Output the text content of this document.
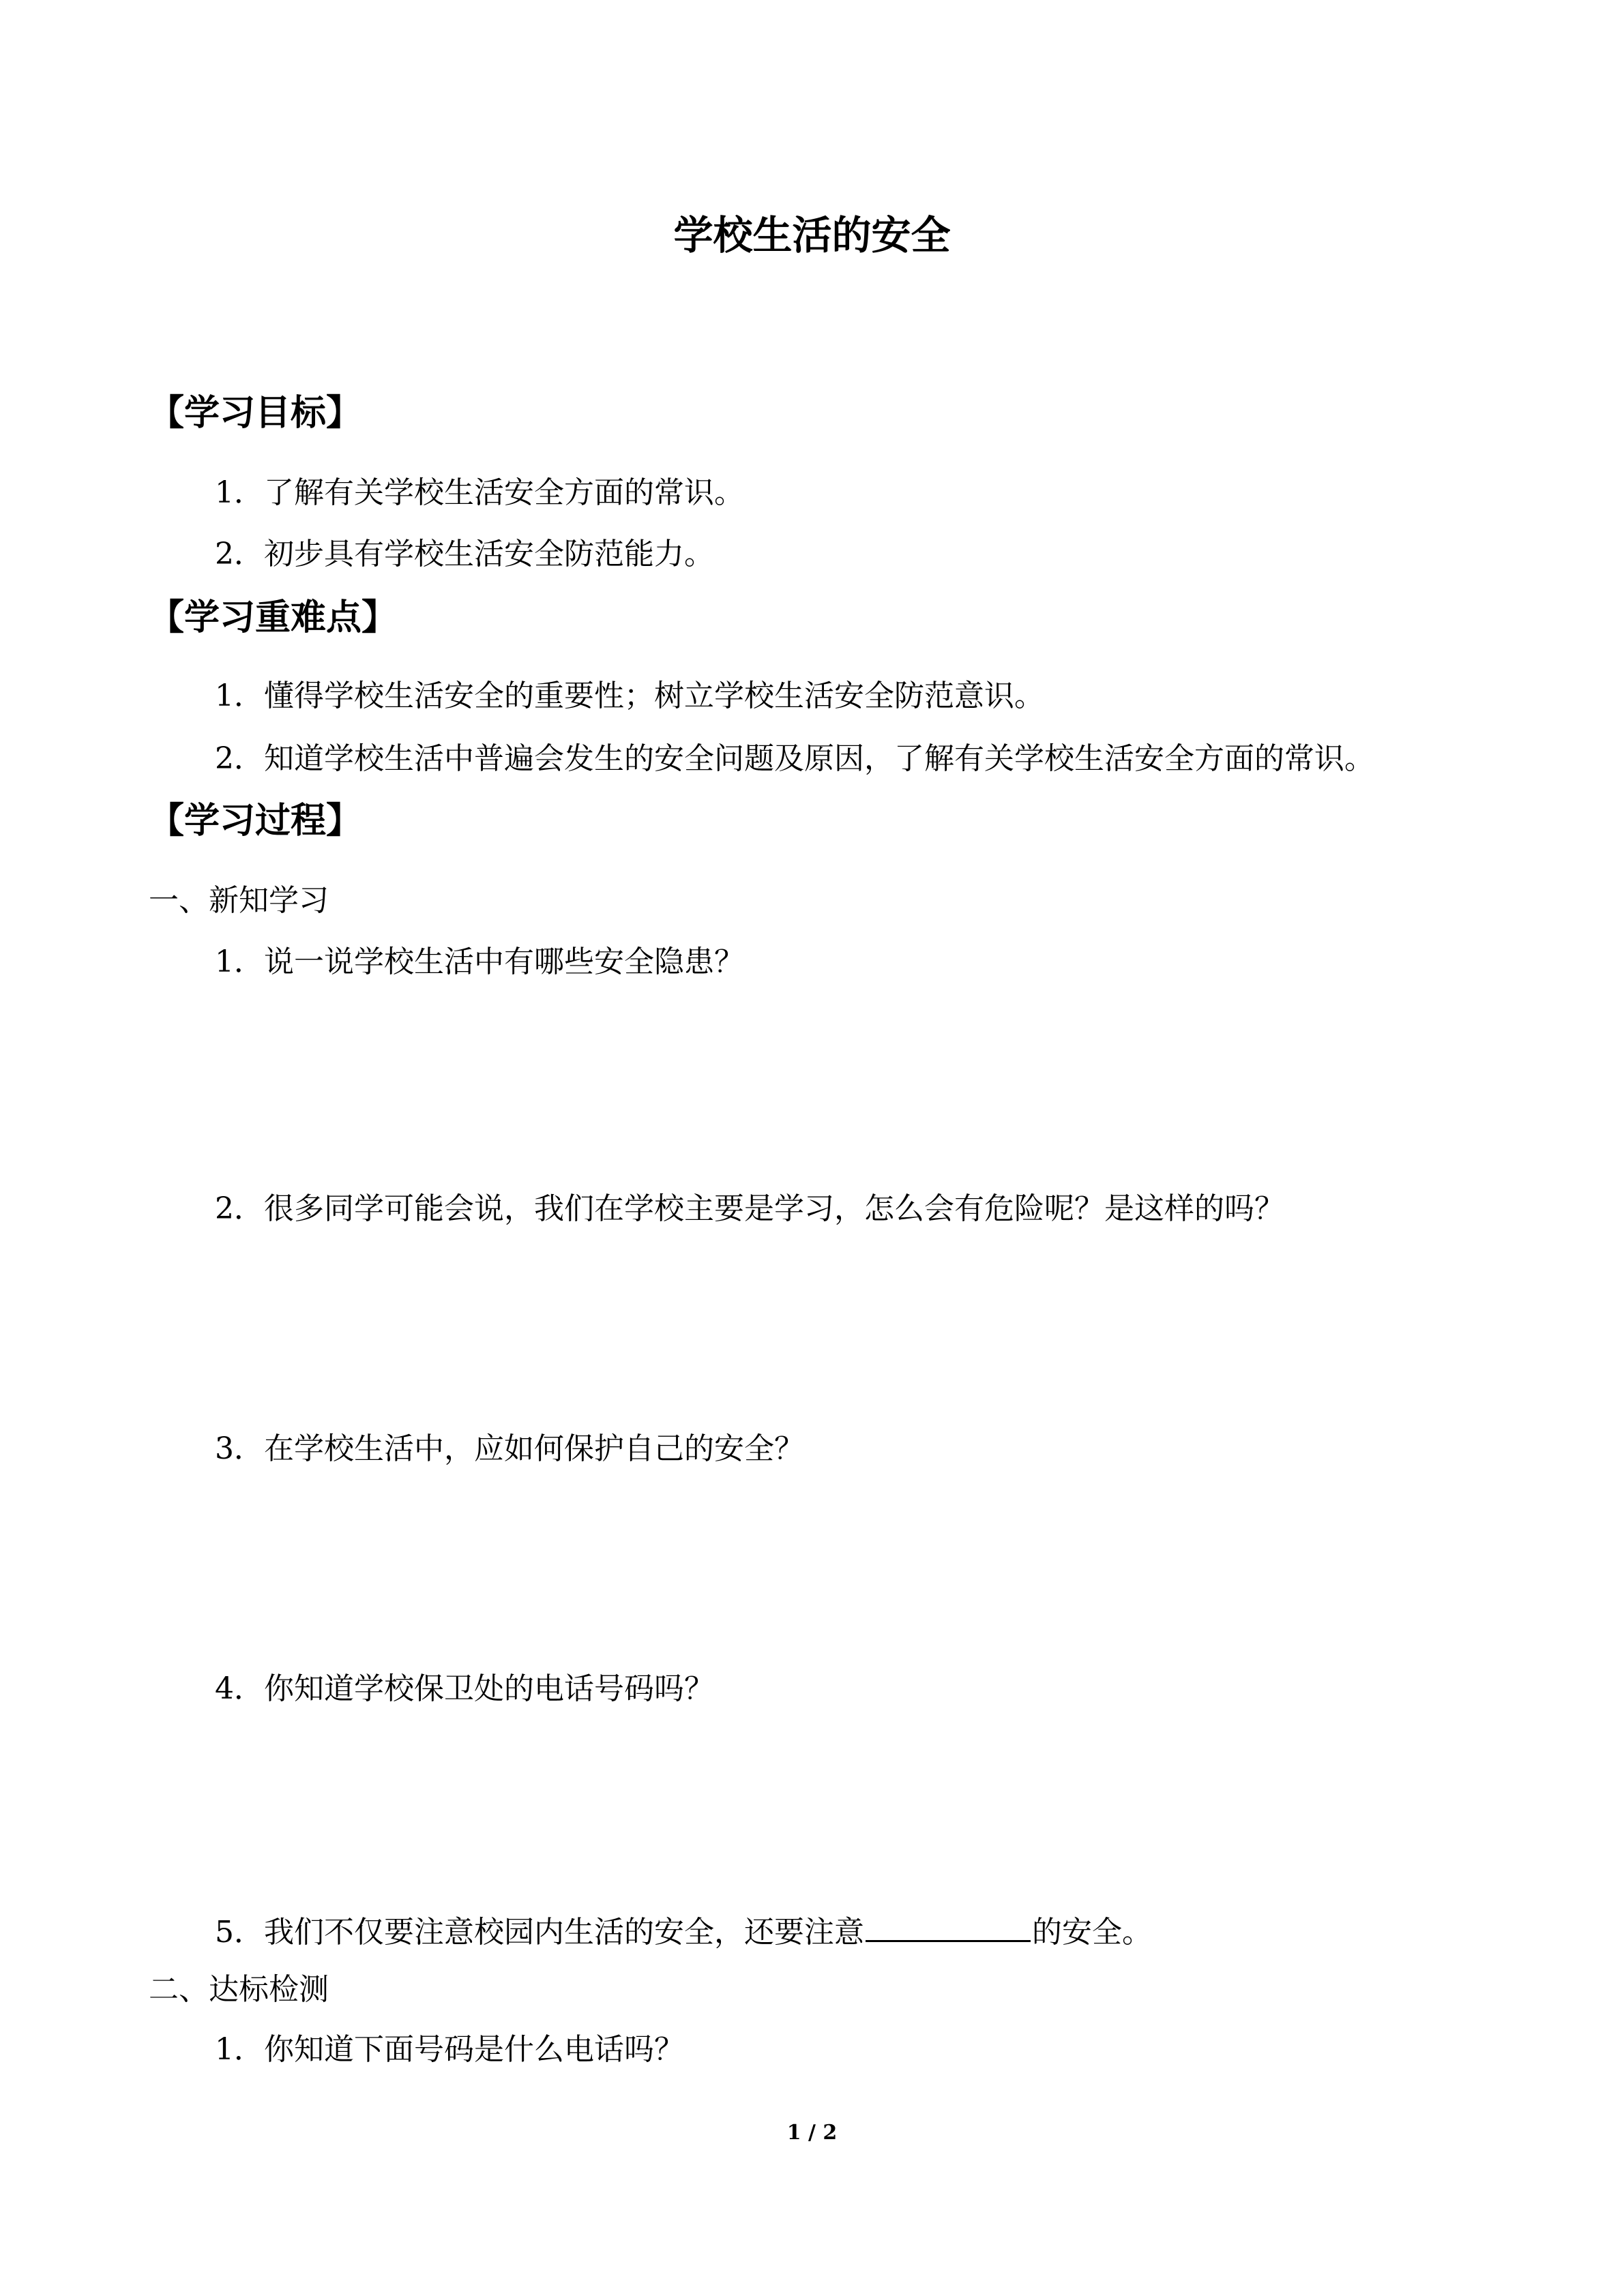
学校生活的安全
【学习目标】
1．了解有关学校生活安全方面的常识。
2．初步具有学校生活安全防范能力。
【学习重难点】
1．懂得学校生活安全的重要性；树立学校生活安全防范意识。
2．知道学校生活中普遍会发生的安全问题及原因，了解有关学校生活安全方面的常识。
【学习过程】
一、新知学习
1．说一说学校生活中有哪些安全隐患？
2．很多同学可能会说，我们在学校主要是学习，怎么会有危险呢？是这样的吗？
3．在学校生活中，应如何保护自己的安全？
4．你知道学校保卫处的电话号码吗？
5．我们不仅要注意校园内生活的安全，还要注意	的安全。
二、达标检测
1．你知道下面号码是什么电话吗？
1 / 2
